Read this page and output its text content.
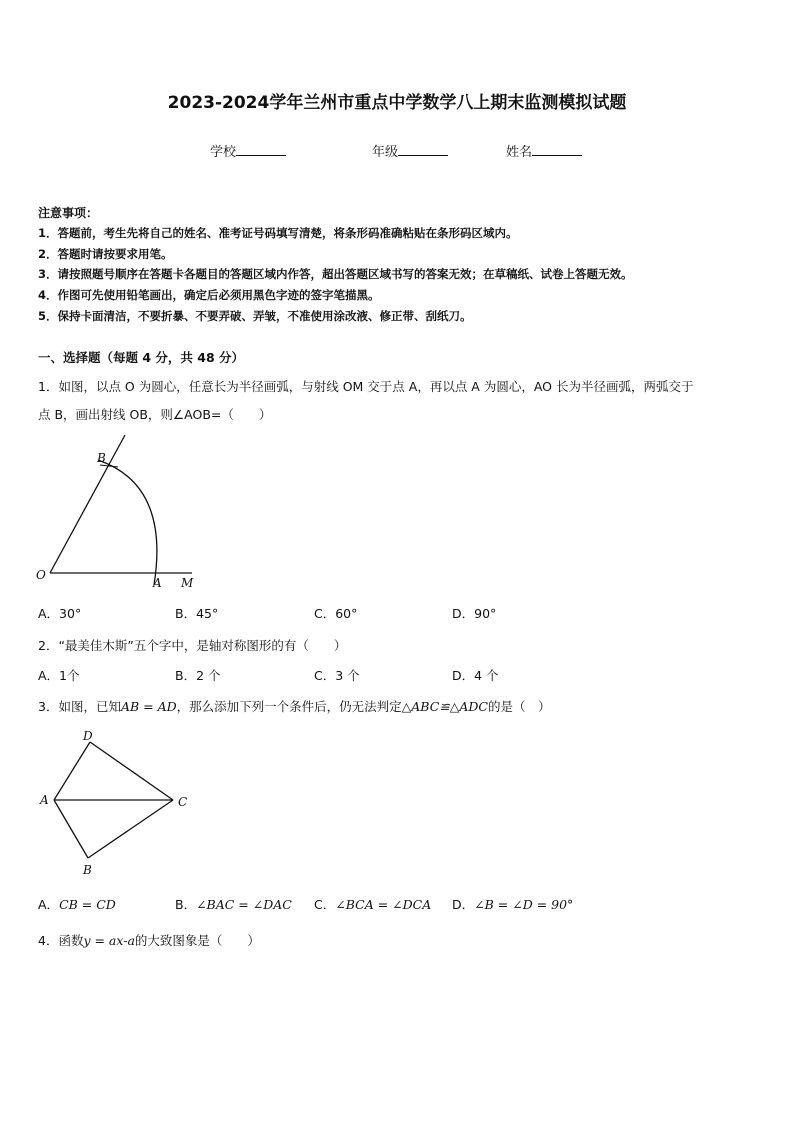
2023-2024学年兰州市重点中学数学八上期末监测模拟试题
学校	年级	姓名
注意事项：
1．答题前，考生先将自己的姓名、准考证号码填写清楚，将条形码准确粘贴在条形码区域内。
2．答题时请按要求用笔。
3．请按照题号顺序在答题卡各题目的答题区域内作答，超出答题区域书写的答案无效；在草稿纸、试卷上答题无效。
4．作图可先使用铅笔画出，确定后必须用黑色字迹的签字笔描黑。
5．保持卡面清洁，不要折暴、不要弄破、弄皱，不准使用涂改液、修正带、刮纸刀。
一、选择题（每题 4 分，共 48 分）
1．如图，以点 O 为圆心，任意长为半径画弧，与射线 OM 交于点 A，再以点 A 为圆心，AO 长为半径画弧，两弧交于
点 B，画出射线 OB，则∠AOB=（　　）
O
A M
B
A．30°	B．45°	C．60°	D．90°
2．“最美佳木斯”五个字中，是轴对称图形的有（　　）
A．1个	B．2 个	C．3 个	D．4 个
3．如图，已知AB = AD，那么添加下列一个条件后，仍无法判定△ABC≌△ADC的是（　）
A
D
C
B
A．CB = CD	B．∠BAC = ∠DAC C．∠BCA = ∠DCA D．∠B = ∠D = 90°
4．函数y = ax-a的大致图象是（　　）
